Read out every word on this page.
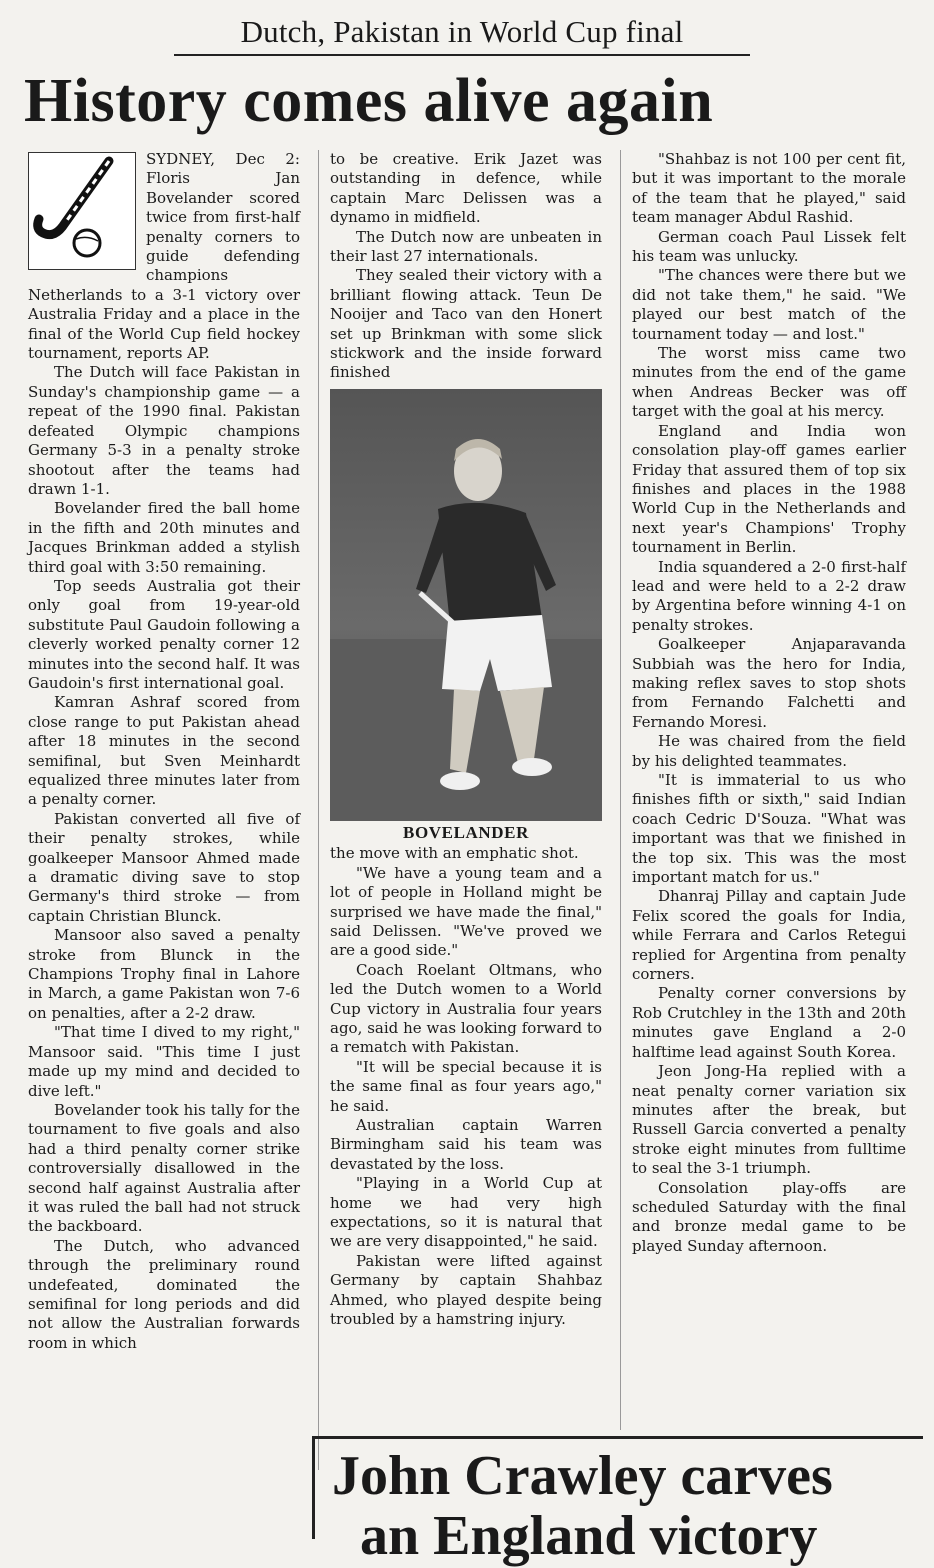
Dutch, Pakistan in World Cup final
History comes alive again

SYDNEY, Dec 2: Floris Jan Bovelander scored twice from first-half penalty corners to guide defending champions Netherlands to a 3-1 victory over Australia Friday and a place in the final of the World Cup field hockey tournament, reports AP.

The Dutch will face Pakistan in Sunday's championship game — a repeat of the 1990 final. Pakistan defeated Olympic champions Germany 5-3 in a penalty stroke shootout after the teams had drawn 1-1.

Bovelander fired the ball home in the fifth and 20th minutes and Jacques Brinkman added a stylish third goal with 3:50 remaining.

Top seeds Australia got their only goal from 19-year-old substitute Paul Gaudoin following a cleverly worked penalty corner 12 minutes into the second half. It was Gaudoin's first international goal.

Kamran Ashraf scored from close range to put Pakistan ahead after 18 minutes in the second semifinal, but Sven Meinhardt equalized three minutes later from a penalty corner.

Pakistan converted all five of their penalty strokes, while goalkeeper Mansoor Ahmed made a dramatic diving save to stop Germany's third stroke — from captain Christian Blunck.

Mansoor also saved a penalty stroke from Blunck in the Champions Trophy final in Lahore in March, a game Pakistan won 7-6 on penalties, after a 2-2 draw.

"That time I dived to my right," Mansoor said. "This time I just made up my mind and decided to dive left."

Bovelander took his tally for the tournament to five goals and also had a third penalty corner strike controversially disallowed in the second half against Australia after it was ruled the ball had not struck the backboard.

The Dutch, who advanced through the preliminary round undefeated, dominated the semifinal for long periods and did not allow the Australian forwards room in which

to be creative. Erik Jazet was outstanding in defence, while captain Marc Delissen was a dynamo in midfield.

The Dutch now are unbeaten in their last 27 internationals.

They sealed their victory with a brilliant flowing attack. Teun De Nooijer and Taco van den Honert set up Brinkman with some slick stickwork and the inside forward finished

BOVELANDER

the move with an emphatic shot.

"We have a young team and a lot of people in Holland might be surprised we have made the final," said Delissen. "We've proved we are a good side."

Coach Roelant Oltmans, who led the Dutch women to a World Cup victory in Australia four years ago, said he was looking forward to a rematch with Pakistan.

"It will be special because it is the same final as four years ago," he said.

Australian captain Warren Birmingham said his team was devastated by the loss.

"Playing in a World Cup at home we had very high expectations, so it is natural that we are very disappointed," he said.

Pakistan were lifted against Germany by captain Shahbaz Ahmed, who played despite being troubled by a hamstring injury.

"Shahbaz is not 100 per cent fit, but it was important to the morale of the team that he played," said team manager Abdul Rashid.

German coach Paul Lissek felt his team was unlucky.

"The chances were there but we did not take them," he said. "We played our best match of the tournament today — and lost."

The worst miss came two minutes from the end of the game when Andreas Becker was off target with the goal at his mercy.

England and India won consolation play-off games earlier Friday that assured them of top six finishes and places in the 1988 World Cup in the Netherlands and next year's Champions' Trophy tournament in Berlin.

India squandered a 2-0 first-half lead and were held to a 2-2 draw by Argentina before winning 4-1 on penalty strokes.

Goalkeeper Anjaparavanda Subbiah was the hero for India, making reflex saves to stop shots from Fernando Falchetti and Fernando Moresi.

He was chaired from the field by his delighted teammates.

"It is immaterial to us who finishes fifth or sixth," said Indian coach Cedric D'Souza. "What was important was that we finished in the top six. This was the most important match for us."

Dhanraj Pillay and captain Jude Felix scored the goals for India, while Ferrara and Carlos Retegui replied for Argentina from penalty corners.

Penalty corner conversions by Rob Crutchley in the 13th and 20th minutes gave England a 2-0 halftime lead against South Korea.

Jeon Jong-Ha replied with a neat penalty corner variation six minutes after the break, but Russell Garcia converted a penalty stroke eight minutes from fulltime to seal the 3-1 triumph.

Consolation play-offs are scheduled Saturday with the final and bronze medal game to be played Sunday afternoon.

John Crawley carves
an England victory
